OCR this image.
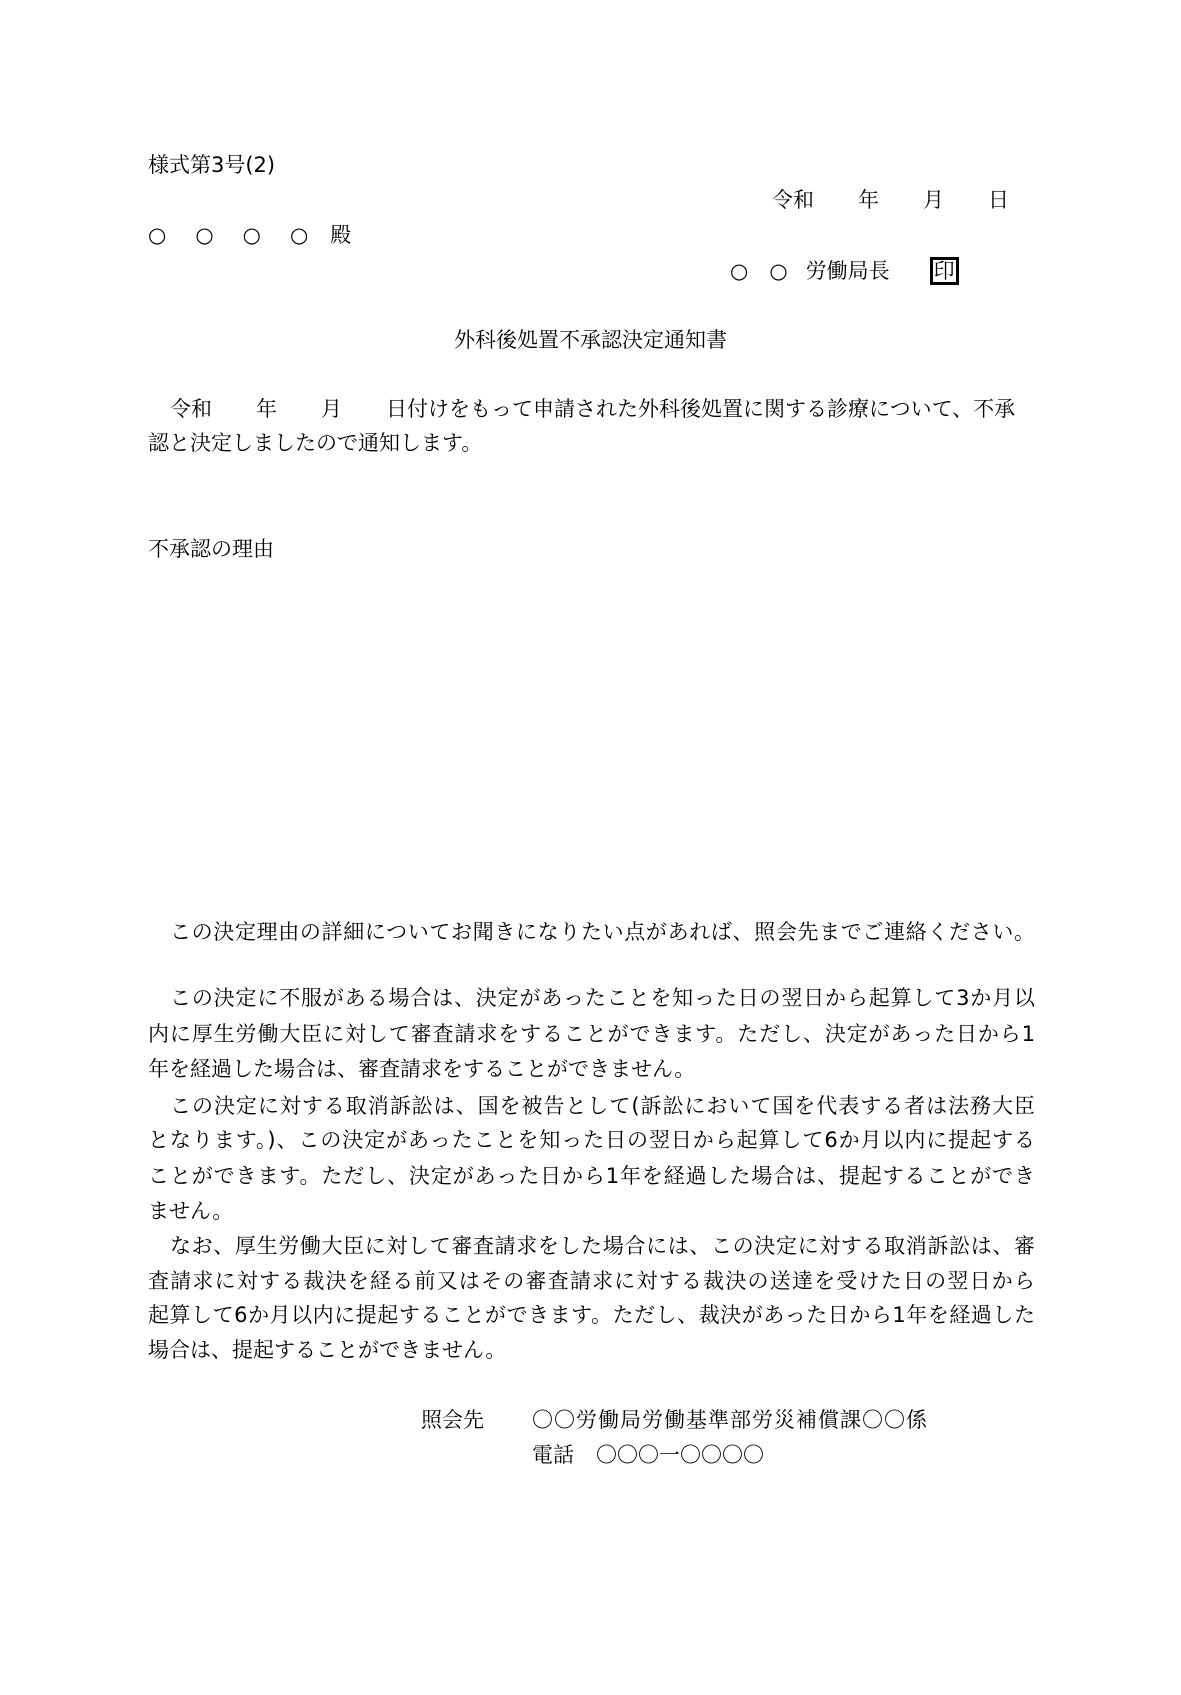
様式第3号(2)
令和 年 月 日
○　○　○　○ 殿
○　○ 労働局長 印
外科後処置不承認決定通知書
令和 年 月 日付けをもって申請された外科後処置に関する診療について、不承
認と決定しましたので通知します。
不承認の理由
この決定理由の詳細についてお聞きになりたい点があれば、照会先までご連絡ください。
この決定に不服がある場合は、決定があったことを知った日の翌日から起算して3か月以
内に厚生労働大臣に対して審査請求をすることができます。ただし、決定があった日から1
年を経過した場合は、審査請求をすることができません。
この決定に対する取消訴訟は、国を被告として(訴訟において国を代表する者は法務大臣
となります。)、この決定があったことを知った日の翌日から起算して6か月以内に提起する
ことができます。ただし、決定があった日から1年を経過した場合は、提起することができ
ません。
なお、厚生労働大臣に対して審査請求をした場合には、この決定に対する取消訴訟は、審
査請求に対する裁決を経る前又はその審査請求に対する裁決の送達を受けた日の翌日から
起算して6か月以内に提起することができます。ただし、裁決があった日から1年を経過した
場合は、提起することができません。
照会先 〇〇労働局労働基準部労災補償課〇〇係
電話 〇〇〇一〇〇〇〇
